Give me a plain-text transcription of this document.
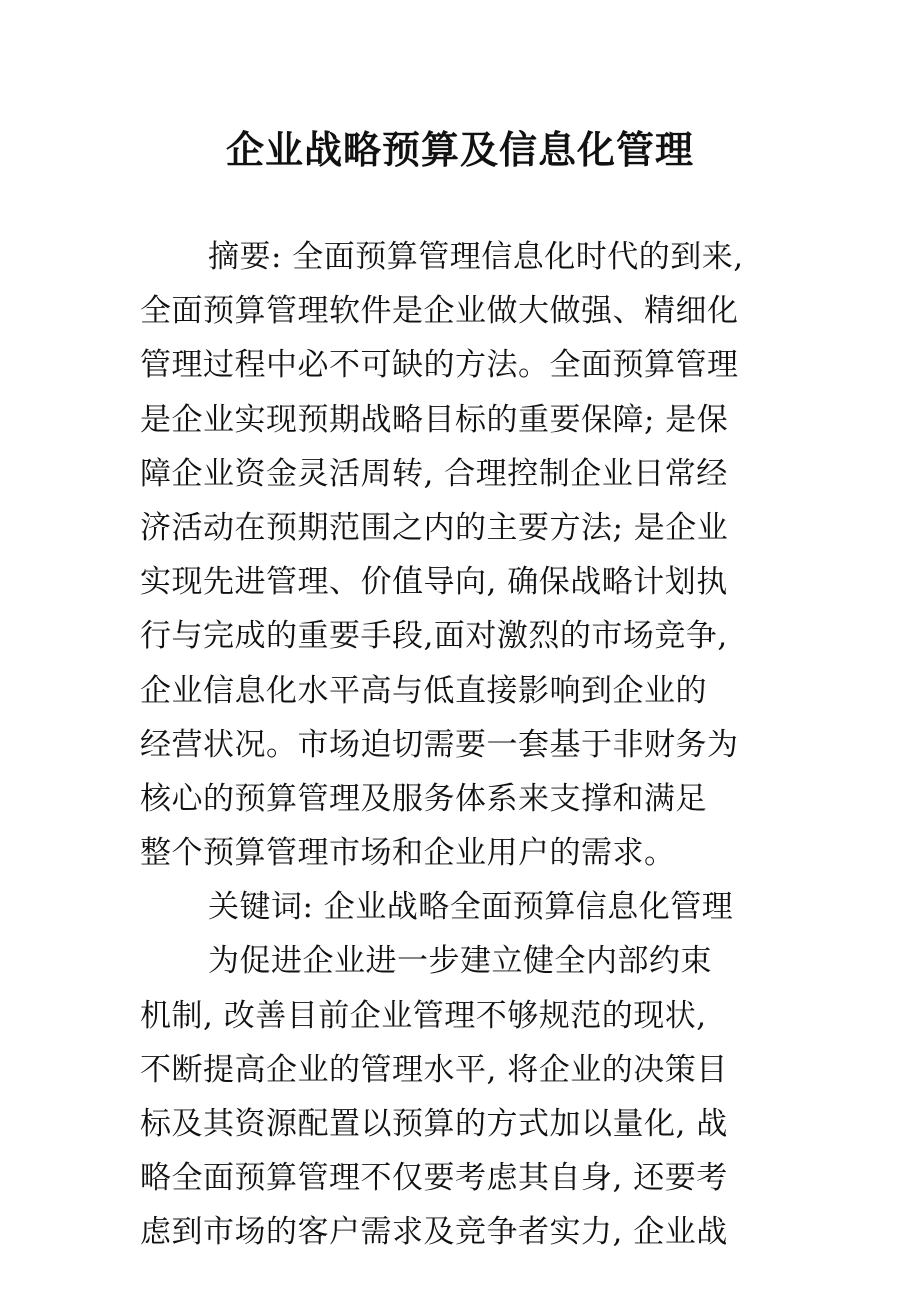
企业战略预算及信息化管理
摘要: 全面预算管理信息化时代的到来,
全面预算管理软件是企业做大做强、精细化
管理过程中必不可缺的方法。全面预算管理
是企业实现预期战略目标的重要保障; 是保
障企业资金灵活周转, 合理控制企业日常经
济活动在预期范围之内的主要方法; 是企业
实现先进管理、价值导向, 确保战略计划执
行与完成的重要手段,面对激烈的市场竞争,
企业信息化水平高与低直接影响到企业的
经营状况。市场迫切需要一套基于非财务为
核心的预算管理及服务体系来支撑和满足
整个预算管理市场和企业用户的需求。
关键词: 企业战略全面预算信息化管理
为促进企业进一步建立健全内部约束
机制, 改善目前企业管理不够规范的现状,
不断提高企业的管理水平, 将企业的决策目
标及其资源配置以预算的方式加以量化, 战
略全面预算管理不仅要考虑其自身, 还要考
虑到市场的客户需求及竞争者实力, 企业战
